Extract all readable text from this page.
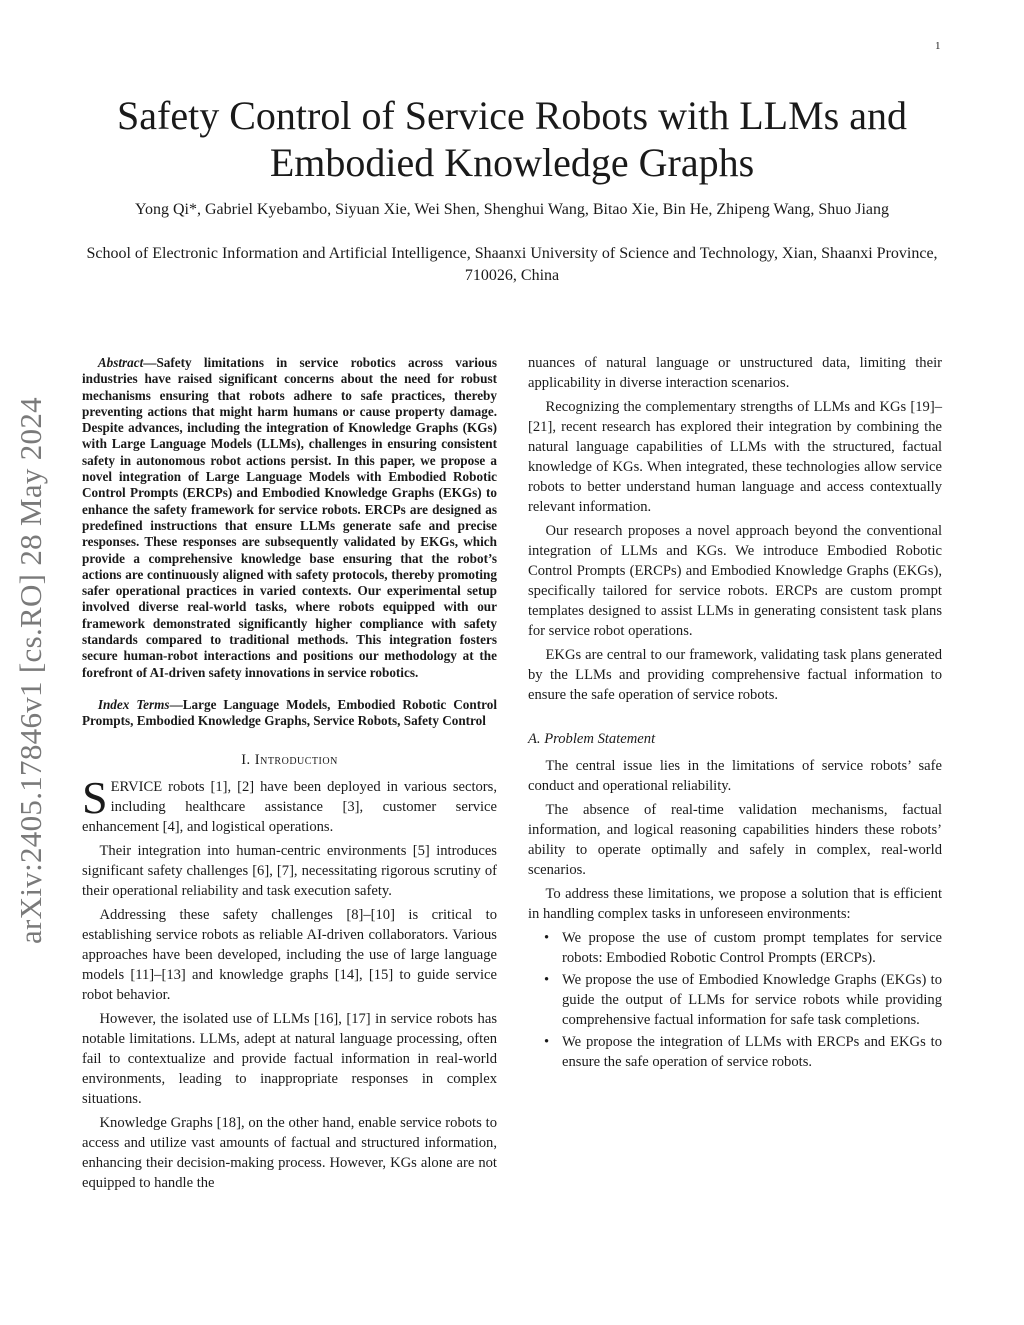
1
Safety Control of Service Robots with LLMs and Embodied Knowledge Graphs
Yong Qi*, Gabriel Kyebambo, Siyuan Xie, Wei Shen, Shenghui Wang, Bitao Xie, Bin He, Zhipeng Wang, Shuo Jiang
School of Electronic Information and Artificial Intelligence, Shaanxi University of Science and Technology, Xian, Shaanxi Province, 710026, China
arXiv:2405.17846v1 [cs.RO] 28 May 2024

Abstract—Safety limitations in service robotics across various industries have raised significant concerns about the need for robust mechanisms ensuring that robots adhere to safe practices, thereby preventing actions that might harm humans or cause property damage. Despite advances, including the integration of Knowledge Graphs (KGs) with Large Language Models (LLMs), challenges in ensuring consistent safety in autonomous robot actions persist. In this paper, we propose a novel integration of Large Language Models with Embodied Robotic Control Prompts (ERCPs) and Embodied Knowledge Graphs (EKGs) to enhance the safety framework for service robots. ERCPs are designed as predefined instructions that ensure LLMs generate safe and precise responses. These responses are subsequently validated by EKGs, which provide a comprehensive knowledge base ensuring that the robot’s actions are continuously aligned with safety protocols, thereby promoting safer operational practices in varied contexts. Our experimental setup involved diverse real-world tasks, where robots equipped with our framework demonstrated significantly higher compliance with safety standards compared to traditional methods. This integration fosters secure human-robot interactions and positions our methodology at the forefront of AI-driven safety innovations in service robotics.

Index Terms—Large Language Models, Embodied Robotic Control Prompts, Embodied Knowledge Graphs, Service Robots, Safety Control

I. Introduction

SERVICE robots [1], [2] have been deployed in various sectors, including healthcare assistance [3], customer service enhancement [4], and logistical operations.

Their integration into human-centric environments [5] introduces significant safety challenges [6], [7], necessitating rigorous scrutiny of their operational reliability and task execution safety.

Addressing these safety challenges [8]–[10] is critical to establishing service robots as reliable AI-driven collaborators. Various approaches have been developed, including the use of large language models [11]–[13] and knowledge graphs [14], [15] to guide service robot behavior.

However, the isolated use of LLMs [16], [17] in service robots has notable limitations. LLMs, adept at natural language processing, often fail to contextualize and provide factual information in real-world environments, leading to inappropriate responses in complex situations.

Knowledge Graphs [18], on the other hand, enable service robots to access and utilize vast amounts of factual and structured information, enhancing their decision-making process. However, KGs alone are not equipped to handle the

nuances of natural language or unstructured data, limiting their applicability in diverse interaction scenarios.

Recognizing the complementary strengths of LLMs and KGs [19]–[21], recent research has explored their integration by combining the natural language capabilities of LLMs with the structured, factual knowledge of KGs. When integrated, these technologies allow service robots to better understand human language and access contextually relevant information.

Our research proposes a novel approach beyond the conventional integration of LLMs and KGs. We introduce Embodied Robotic Control Prompts (ERCPs) and Embodied Knowledge Graphs (EKGs), specifically tailored for service robots. ERCPs are custom prompt templates designed to assist LLMs in generating consistent task plans for service robot operations.

EKGs are central to our framework, validating task plans generated by the LLMs and providing comprehensive factual information to ensure the safe operation of service robots.

A. Problem Statement

The central issue lies in the limitations of service robots’ safe conduct and operational reliability.

The absence of real-time validation mechanisms, factual information, and logical reasoning capabilities hinders these robots’ ability to operate optimally and safely in complex, real-world scenarios.

To address these limitations, we propose a solution that is efficient in handling complex tasks in unforeseen environments:

• We propose the use of custom prompt templates for service robots: Embodied Robotic Control Prompts (ERCPs).
• We propose the use of Embodied Knowledge Graphs (EKGs) to guide the output of LLMs for service robots while providing comprehensive factual information for safe task completions.
• We propose the integration of LLMs with ERCPs and EKGs to ensure the safe operation of service robots.
